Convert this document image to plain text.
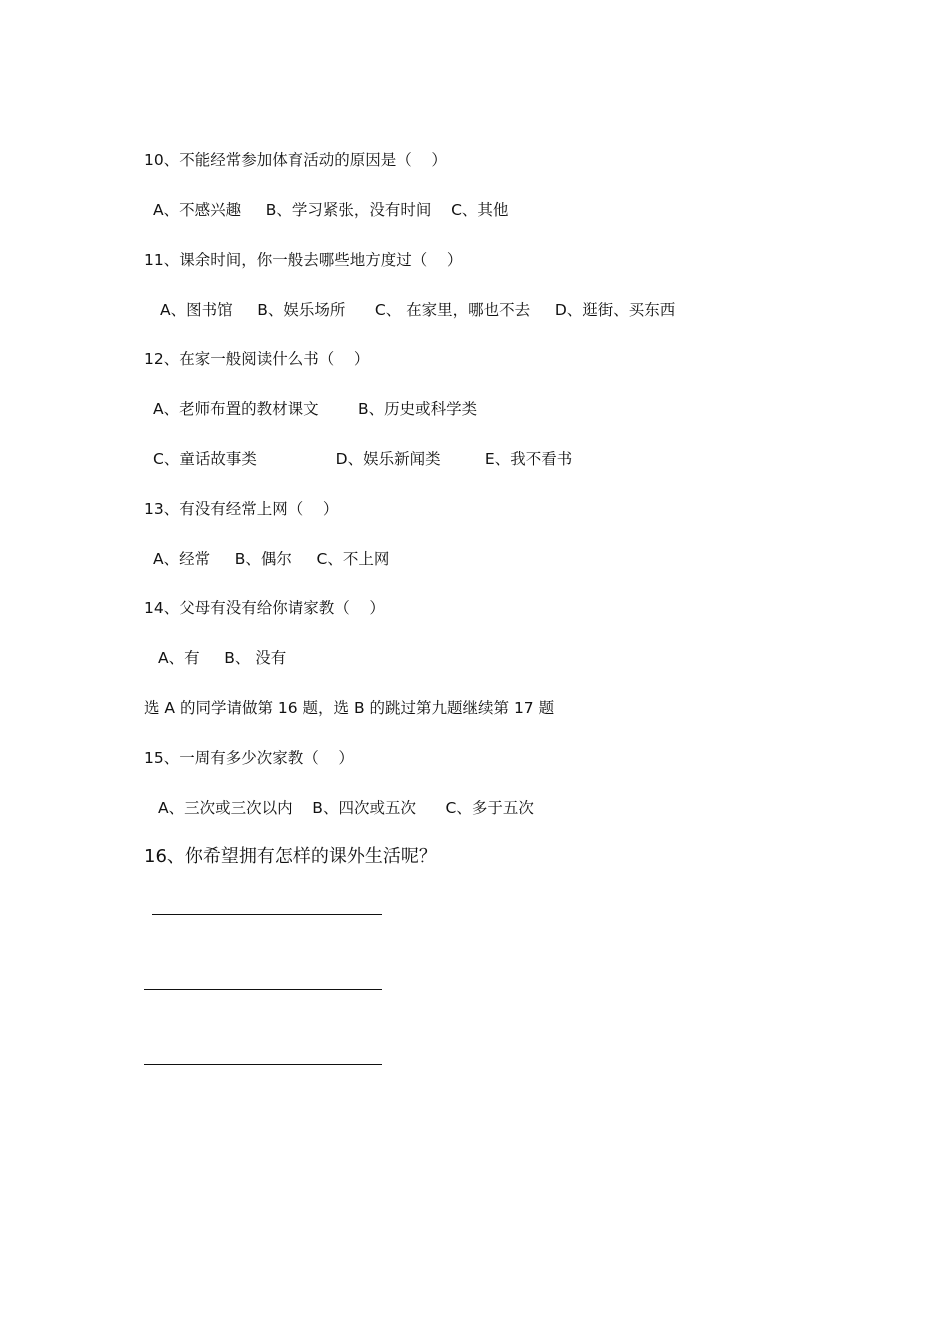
10、不能经常参加体育活动的原因是（    ）
A、不感兴趣     B、学习紧张，没有时间    C、其他
11、课余时间，你一般去哪些地方度过（    ）
A、图书馆     B、娱乐场所      C、 在家里，哪也不去     D、逛街、买东西
12、在家一般阅读什么书（    ）
A、老师布置的教材课文        B、历史或科学类
C、童话故事类                D、娱乐新闻类         E、我不看书
13、有没有经常上网（    ）
A、经常     B、偶尔     C、不上网
14、父母有没有给你请家教（    ）
A、有     B、 没有
选 A 的同学请做第 16 题，选 B 的跳过第九题继续第 17 题
15、一周有多少次家教（    ）
A、三次或三次以内    B、四次或五次      C、多于五次
16、你希望拥有怎样的课外生活呢？
